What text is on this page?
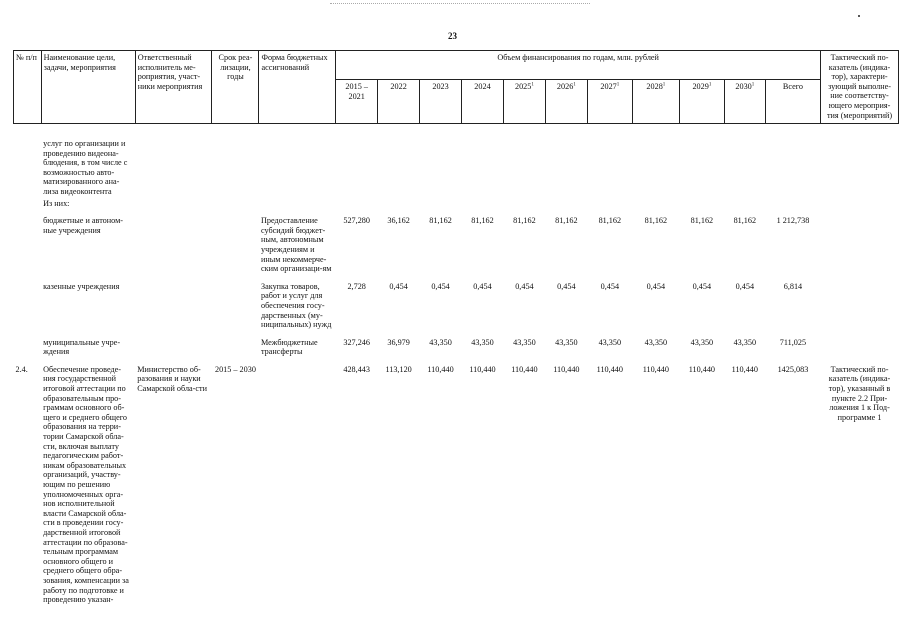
23
№ п/п	Наименование цели, задачи, мероприятия	Ответственный исполнитель ме-роприятия, участ-ники мероприятия	Срок реа-лизации, годы	Форма бюджетных ассигнований	Объем финансирования по годам, млн. рублей											Тактический по-казатель (индика-тор), характери-зующий выполне-ние соответству-ющего мероприя-тия (мероприятий)
					2015 – 2021	2022	2023	2024	2025$^1$	2026$^1$	2027$^1$	2028$^1$	2029$^1$	2030$^1$	Всего	

	услуг по организации и проведению видеона-блюдения, в том числе с возможностью авто-матизированного ана-лиза видеоконтента															
	Из них:															

	бюджетные и автоном-ные учреждения			Предоставление субсидий бюджет-ным, автономным учреждениям и иным некоммерче-ским организаци-ям	527,280	36,162	81,162	81,162	81,162	81,162	81,162	81,162	81,162	81,162	1 212,738	

	казенные учреждения			Закупка товаров, работ и услуг для обеспечения госу-дарственных (му-ниципальных) нужд	2,728	0,454	0,454	0,454	0,454	0,454	0,454	0,454	0,454	0,454	6,814	

	муниципальные учре-ждения			Межбюджетные трансферты	327,246	36,979	43,350	43,350	43,350	43,350	43,350	43,350	43,350	43,350	711,025	

2.4.	Обеспечение проведе-ния государственной итоговой аттестации по образовательным про-граммам основного об-щего и среднего общего образования на терри-тории Самарской обла-сти, включая выплату педагогическим работ-никам образовательных организаций, участву-ющим по решению уполномоченных орга-нов исполнительной власти Самарской обла-сти в проведении госу-дарственной итоговой аттестации по образова-тельным программам основного общего и среднего общего обра-зования, компенсации за работу по подготовке и проведению указан-	Министерство об-разования и науки Самарской обла-сти	2015 – 2030		428,443	113,120	110,440	110,440	110,440	110,440	110,440	110,440	110,440	110,440	1425,083	Тактический по-казатель (индика-тор), указанный в пункте 2.2 При-ложения 1 к Под-программе 1
